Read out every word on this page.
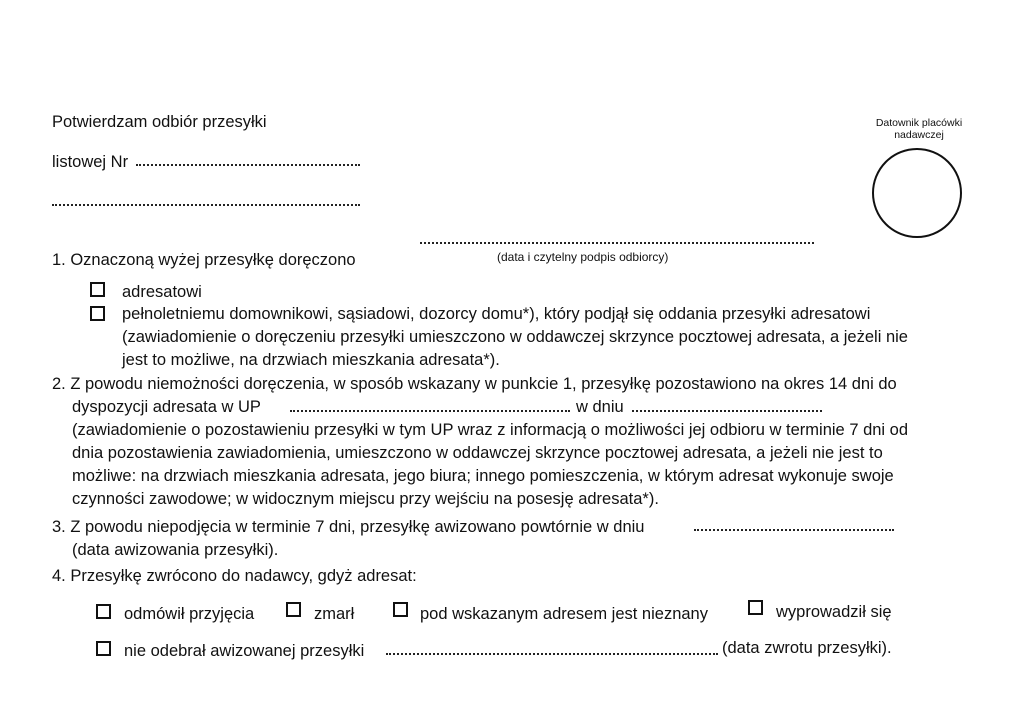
Potwierdzam odbiór przesyłki
listowej Nr
Datownik placówki nadawczej
(data i czytelny podpis odbiorcy)
1. Oznaczoną wyżej przesyłkę doręczono
adresatowi
pełnoletniemu domownikowi, sąsiadowi, dozorcy domu*), który podjął się oddania przesyłki adresatowi
(zawiadomienie o doręczeniu przesyłki umieszczono w oddawczej skrzynce pocztowej adresata, a jeżeli nie
jest to możliwe, na drzwiach mieszkania adresata*).
2. Z powodu niemożności doręczenia, w sposób wskazany w punkcie 1, przesyłkę pozostawiono na okres 14 dni do
dyspozycji adresata w UP	w dniu
(zawiadomienie o pozostawieniu przesyłki w tym UP wraz z informacją o możliwości jej odbioru w terminie 7 dni od
dnia pozostawienia zawiadomienia, umieszczono w oddawczej skrzynce pocztowej adresata, a jeżeli nie jest to
możliwe: na drzwiach mieszkania adresata, jego biura; innego pomieszczenia, w którym adresat wykonuje swoje
czynności zawodowe; w widocznym miejscu przy wejściu na posesję adresata*).
3. Z powodu niepodjęcia w terminie 7 dni, przesyłkę awizowano powtórnie w dniu
(data awizowania przesyłki).
4. Przesyłkę zwrócono do nadawcy, gdyż adresat:
odmówił przyjęcia	zmarł	pod wskazanym adresem jest nieznany	wyprowadził się
nie odebrał awizowanej przesyłki	(data zwrotu przesyłki).
